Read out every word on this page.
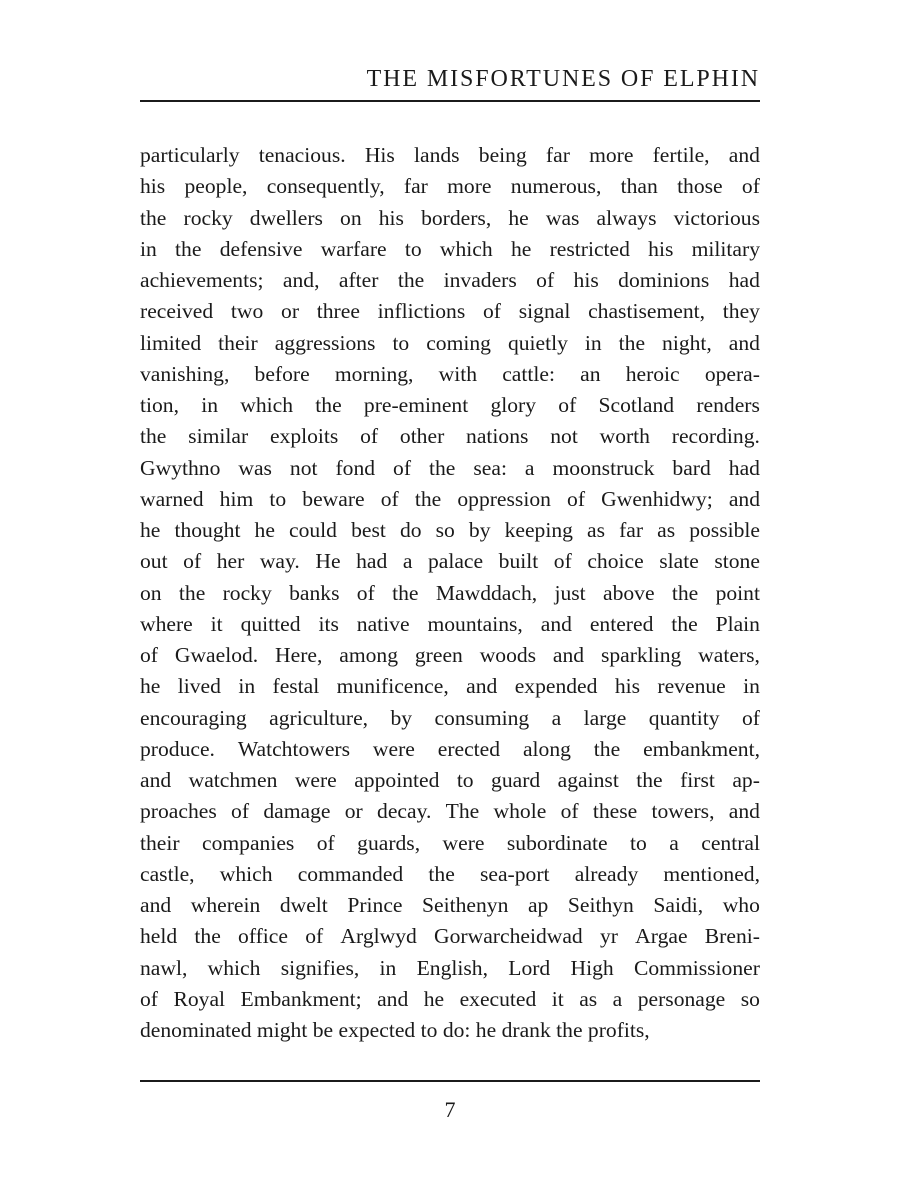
THE MISFORTUNES OF ELPHIN

particularly tenacious. His lands being far more fertile, and
his people, consequently, far more numerous, than those of
the rocky dwellers on his borders, he was always victorious
in the defensive warfare to which he restricted his military
achievements; and, after the invaders of his dominions had
received two or three inflictions of signal chastisement, they
limited their aggressions to coming quietly in the night, and
vanishing, before morning, with cattle: an heroic opera-
tion, in which the pre-eminent glory of Scotland renders
the similar exploits of other nations not worth recording.
Gwythno was not fond of the sea: a moonstruck bard had
warned him to beware of the oppression of Gwenhidwy; and
he thought he could best do so by keeping as far as possible
out of her way. He had a palace built of choice slate stone
on the rocky banks of the Mawddach, just above the point
where it quitted its native mountains, and entered the Plain
of Gwaelod. Here, among green woods and sparkling waters,
he lived in festal munificence, and expended his revenue in
encouraging agriculture, by consuming a large quantity of
produce. Watchtowers were erected along the embankment,
and watchmen were appointed to guard against the first ap-
proaches of damage or decay. The whole of these towers, and
their companies of guards, were subordinate to a central
castle, which commanded the sea-port already mentioned,
and wherein dwelt Prince Seithenyn ap Seithyn Saidi, who
held the office of Arglwyd Gorwarcheidwad yr Argae Breni-
nawl, which signifies, in English, Lord High Commissioner
of Royal Embankment; and he executed it as a personage so
denominated might be expected to do: he drank the profits,

7
